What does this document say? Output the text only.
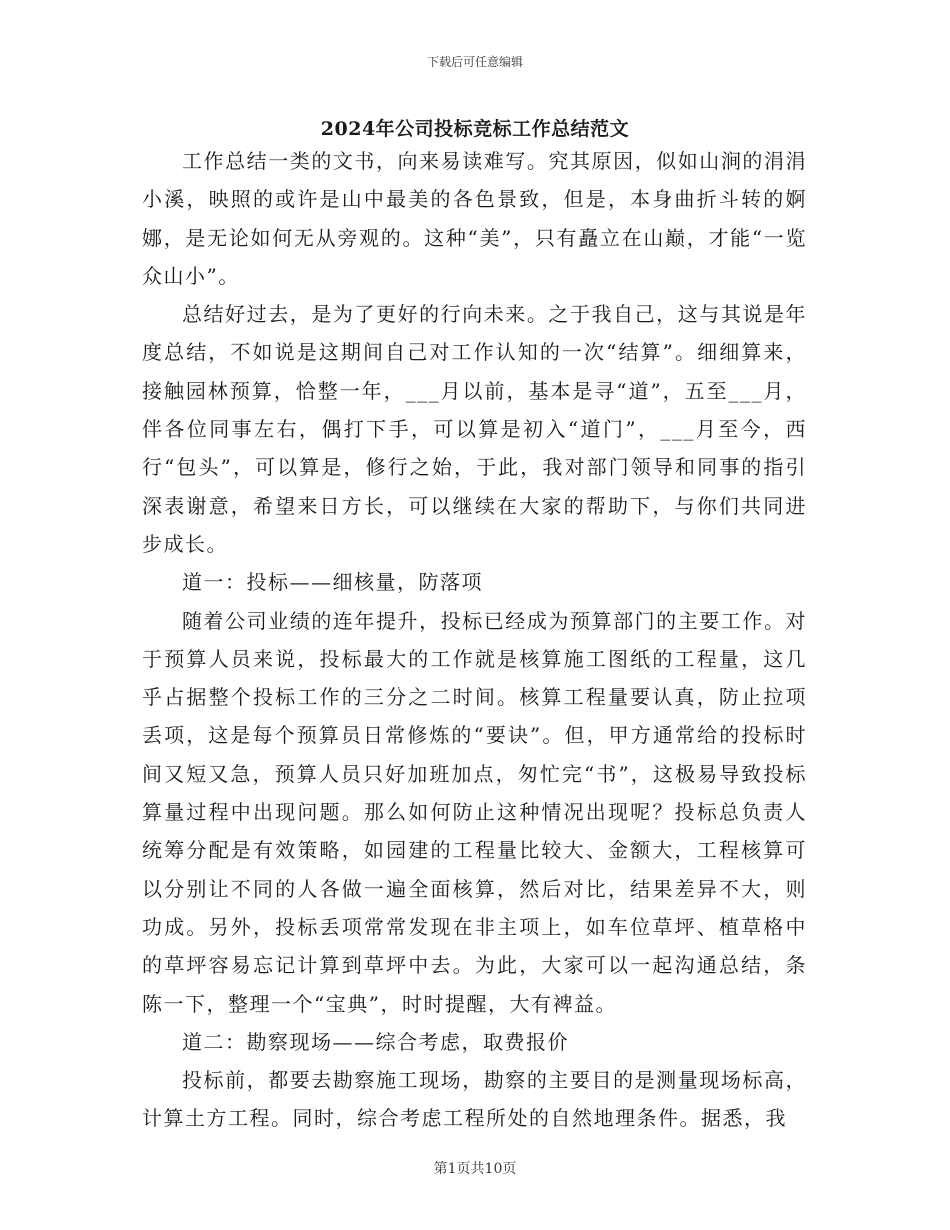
下载后可任意编辑
2024年公司投标竞标工作总结范文

工作总结一类的文书，向来易读难写。究其原因，似如山涧的涓涓小溪，映照的或许是山中最美的各色景致，但是，本身曲折斗转的婀娜，是无论如何无从旁观的。这种“美”，只有矗立在山巅，才能“一览众山小”。

总结好过去，是为了更好的行向未来。之于我自己，这与其说是年度总结，不如说是这期间自己对工作认知的一次“结算”。细细算来，接触园林预算，恰整一年，___月以前，基本是寻“道”，五至___月，伴各位同事左右，偶打下手，可以算是初入“道门”，___月至今，西行“包头”，可以算是，修行之始，于此，我对部门领导和同事的指引深表谢意，希望来日方长，可以继续在大家的帮助下，与你们共同进步成长。

道一：投标——细核量，防落项

随着公司业绩的连年提升，投标已经成为预算部门的主要工作。对于预算人员来说，投标最大的工作就是核算施工图纸的工程量，这几乎占据整个投标工作的三分之二时间。核算工程量要认真，防止拉项丢项，这是每个预算员日常修炼的“要诀”。但，甲方通常给的投标时间又短又急，预算人员只好加班加点，匆忙完“书”，这极易导致投标算量过程中出现问题。那么如何防止这种情况出现呢？投标总负责人统筹分配是有效策略，如园建的工程量比较大、金额大，工程核算可以分别让不同的人各做一遍全面核算，然后对比，结果差异不大，则功成。另外，投标丢项常常发现在非主项上，如车位草坪、植草格中的草坪容易忘记计算到草坪中去。为此，大家可以一起沟通总结，条陈一下，整理一个“宝典”，时时提醒，大有裨益。

道二：勘察现场——综合考虑，取费报价

投标前，都要去勘察施工现场，勘察的主要目的是测量现场标高，计算土方工程。同时，综合考虑工程所处的自然地理条件。据悉，我

第1页共10页
